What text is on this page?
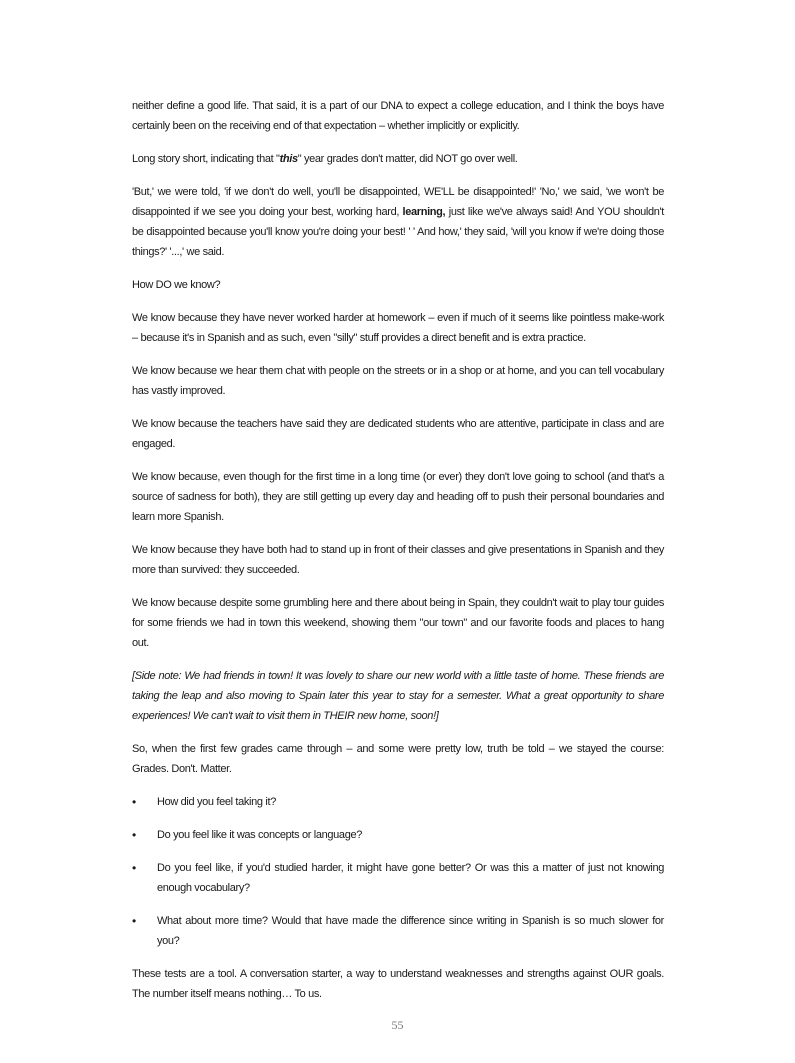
neither define a good life. That said, it is a part of our DNA to expect a college education, and I think the boys have certainly been on the receiving end of that expectation – whether implicitly or explicitly.

Long story short, indicating that "this" year grades don't matter, did NOT go over well.

'But,' we were told, 'if we don't do well, you'll be disappointed, WE'LL be disappointed!' 'No,' we said, 'we won't be disappointed if we see you doing your best, working hard, learning, just like we've always said! And YOU shouldn't be disappointed because you'll know you're doing your best! ' ' And how,' they said, 'will you know if we're doing those things?' '...,' we said.

How DO we know?

We know because they have never worked harder at homework – even if much of it seems like pointless make-work – because it's in Spanish and as such, even "silly" stuff provides a direct benefit and is extra practice.

We know because we hear them chat with people on the streets or in a shop or at home, and you can tell vocabulary has vastly improved.

We know because the teachers have said they are dedicated students who are attentive, participate in class and are engaged.

We know because, even though for the first time in a long time (or ever) they don't love going to school (and that's a source of sadness for both), they are still getting up every day and heading off to push their personal boundaries and learn more Spanish.

We know because they have both had to stand up in front of their classes and give presentations in Spanish and they more than survived: they succeeded.

We know because despite some grumbling here and there about being in Spain, they couldn't wait to play tour guides for some friends we had in town this weekend, showing them "our town" and our favorite foods and places to hang out.

[Side note: We had friends in town! It was lovely to share our new world with a little taste of home. These friends are taking the leap and also moving to Spain later this year to stay for a semester. What a great opportunity to share experiences! We can't wait to visit them in THEIR new home, soon!]

So, when the first few grades came through – and some were pretty low, truth be told – we stayed the course: Grades. Don't. Matter.

• How did you feel taking it?
• Do you feel like it was concepts or language?
• Do you feel like, if you'd studied harder, it might have gone better? Or was this a matter of just not knowing enough vocabulary?
• What about more time? Would that have made the difference since writing in Spanish is so much slower for you?

These tests are a tool. A conversation starter, a way to understand weaknesses and strengths against OUR goals. The number itself means nothing… To us.

55
